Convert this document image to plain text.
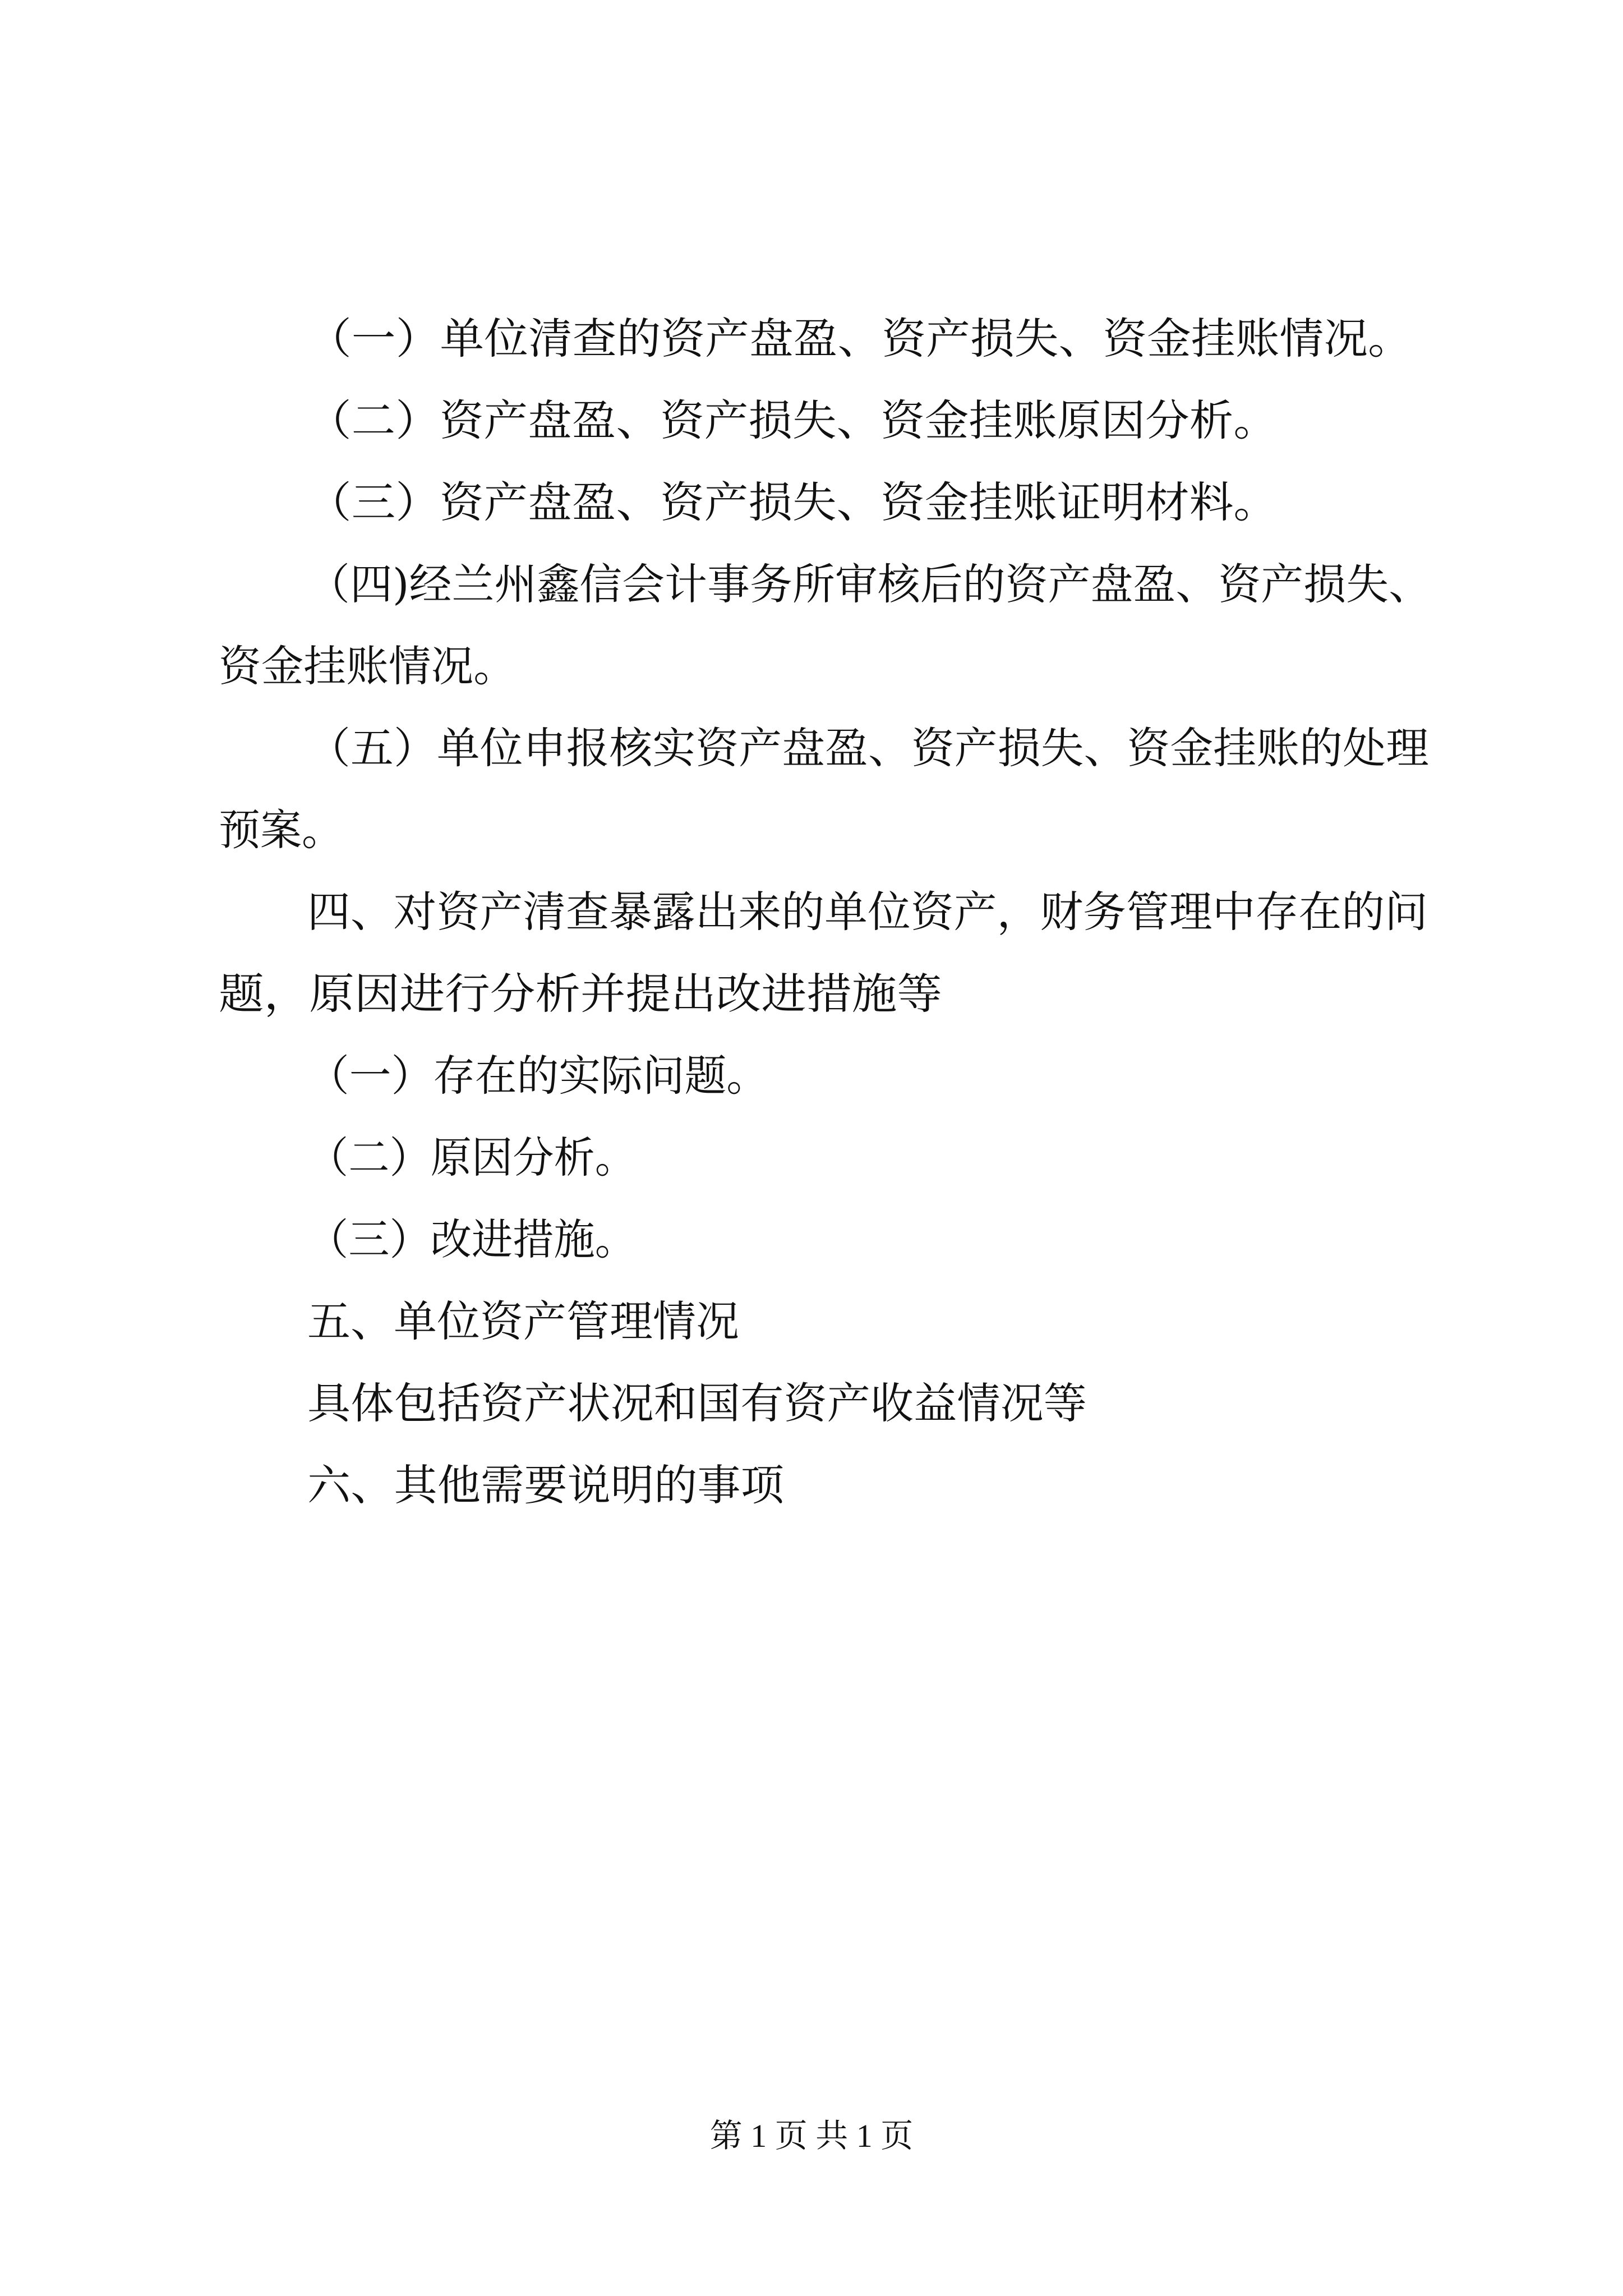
（一）单位清查的资产盘盈、资产损失、资金挂账情况。
（二）资产盘盈、资产损失、资金挂账原因分析。
（三）资产盘盈、资产损失、资金挂账证明材料。
（四)经兰州鑫信会计事务所审核后的资产盘盈、资产损失、
资金挂账情况。
（五）单位申报核实资产盘盈、资产损失、资金挂账的处理
预案。
四、对资产清查暴露出来的单位资产，财务管理中存在的问
题，原因进行分析并提出改进措施等
（一）存在的实际问题。
（二）原因分析。
（三）改进措施。
五、单位资产管理情况
具体包括资产状况和国有资产收益情况等
六、其他需要说明的事项
第 1 页 共 1 页
